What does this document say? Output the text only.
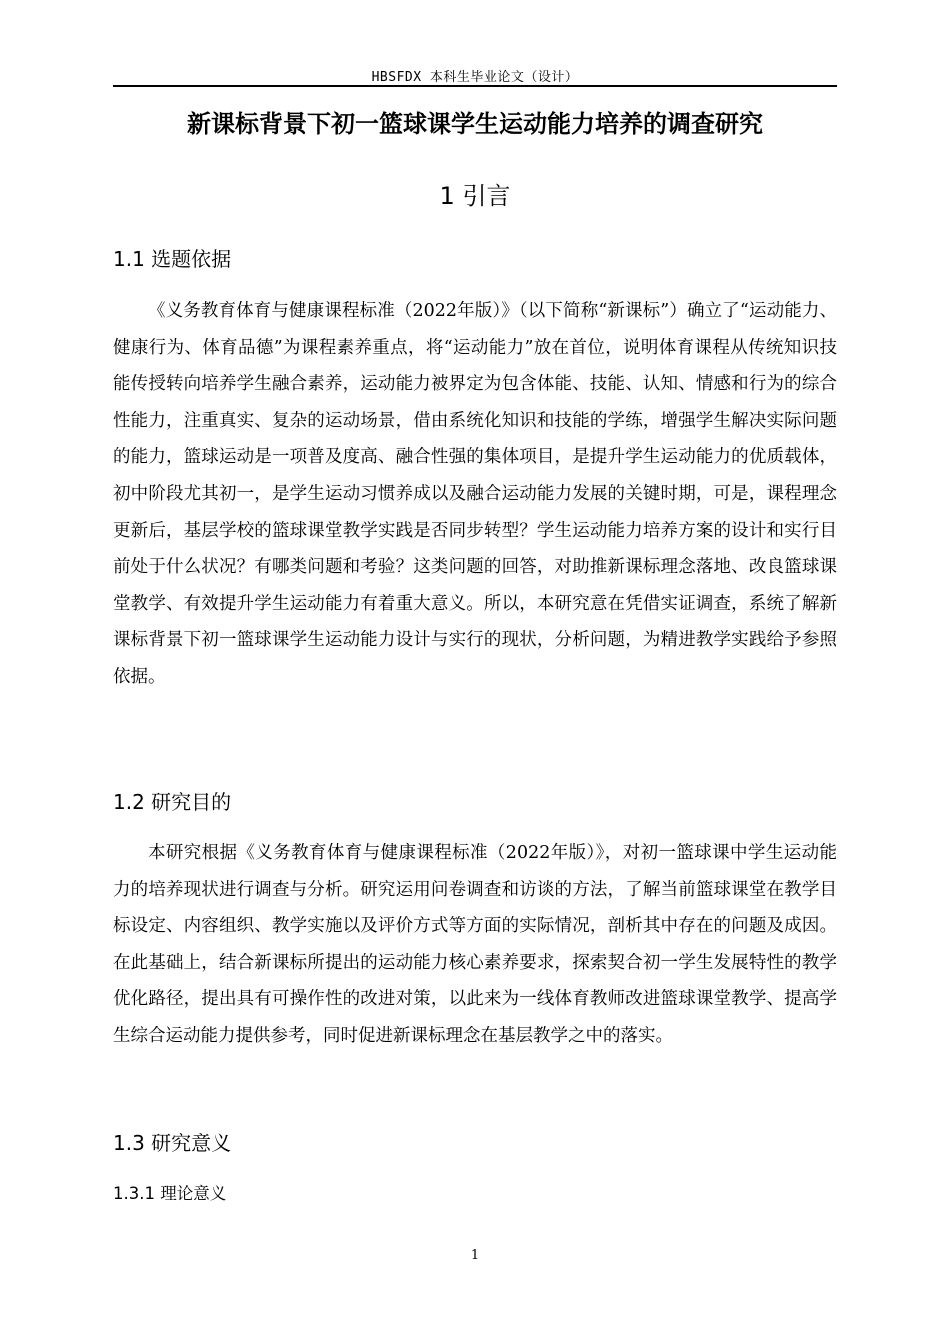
HBSFDX 本科生毕业论文（设计）
新课标背景下初一篮球课学生运动能力培养的调查研究
1 引言
1.1 选题依据

《义务教育体育与健康课程标准（2022年版）》（以下简称“新课标”）确立了“运动能力、健康行为、体育品德”为课程素养重点，将“运动能力”放在首位，说明体育课程从传统知识技能传授转向培养学生融合素养，运动能力被界定为包含体能、技能、认知、情感和行为的综合性能力，注重真实、复杂的运动场景，借由系统化知识和技能的学练，增强学生解决实际问题的能力，篮球运动是一项普及度高、融合性强的集体项目，是提升学生运动能力的优质载体，初中阶段尤其初一，是学生运动习惯养成以及融合运动能力发展的关键时期，可是，课程理念更新后，基层学校的篮球课堂教学实践是否同步转型？学生运动能力培养方案的设计和实行目前处于什么状况？有哪类问题和考验？这类问题的回答，对助推新课标理念落地、改良篮球课堂教学、有效提升学生运动能力有着重大意义。所以，本研究意在凭借实证调查，系统了解新课标背景下初一篮球课学生运动能力设计与实行的现状，分析问题，为精进教学实践给予参照依据。

1.2 研究目的

本研究根据《义务教育体育与健康课程标准（2022年版）》，对初一篮球课中学生运动能力的培养现状进行调查与分析。研究运用问卷调查和访谈的方法，了解当前篮球课堂在教学目标设定、内容组织、教学实施以及评价方式等方面的实际情况，剖析其中存在的问题及成因。在此基础上，结合新课标所提出的运动能力核心素养要求，探索契合初一学生发展特性的教学优化路径，提出具有可操作性的改进对策，以此来为一线体育教师改进篮球课堂教学、提高学生综合运动能力提供参考，同时促进新课标理念在基层教学之中的落实。

1.3 研究意义
1.3.1 理论意义
1
